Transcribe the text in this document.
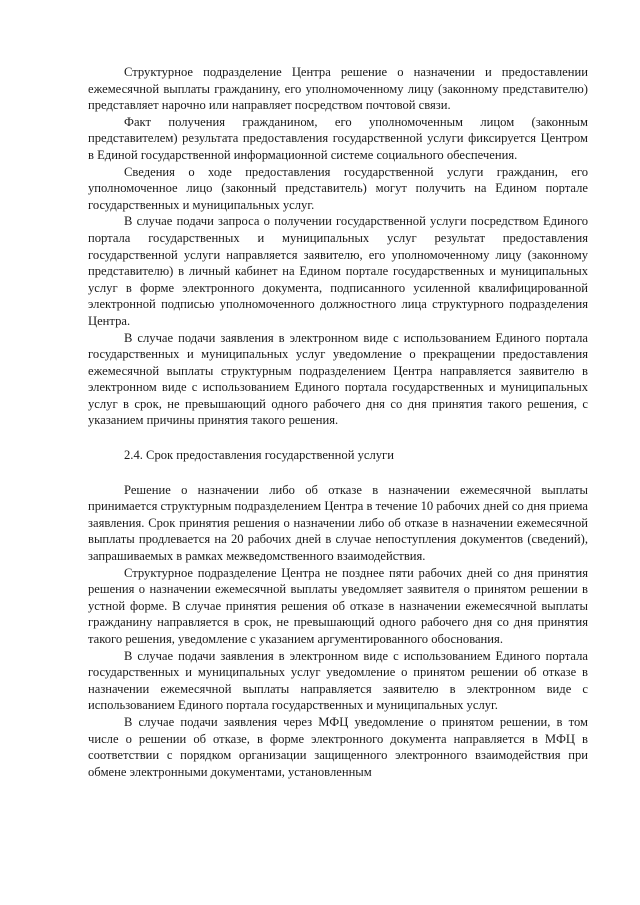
Структурное подразделение Центра решение о назначении и предоставлении ежемесячной выплаты гражданину, его уполномоченному лицу (законному представителю) представляет нарочно или направляет посредством почтовой связи.

Факт получения гражданином, его уполномоченным лицом (законным представителем) результата предоставления государственной услуги фиксируется Центром в Единой государственной информационной системе социального обеспечения.

Сведения о ходе предоставления государственной услуги гражданин, его уполномоченное лицо (законный представитель) могут получить на Едином портале государственных и муниципальных услуг.

В случае подачи запроса о получении государственной услуги посредством Единого портала государственных и муниципальных услуг результат предоставления государственной услуги направляется заявителю, его уполномоченному лицу (законному представителю) в личный кабинет на Едином портале государственных и муниципальных услуг в форме электронного документа, подписанного усиленной квалифицированной электронной подписью уполномоченного должностного лица структурного подразделения Центра.

В случае подачи заявления в электронном виде с использованием Единого портала государственных и муниципальных услуг уведомление о прекращении предоставления ежемесячной выплаты структурным подразделением Центра направляется заявителю в электронном виде с использованием Единого портала государственных и муниципальных услуг в срок, не превышающий одного рабочего дня со дня принятия такого решения, с указанием причины принятия такого решения.

2.4. Срок предоставления государственной услуги

Решение о назначении либо об отказе в назначении ежемесячной выплаты принимается структурным подразделением Центра в течение 10 рабочих дней со дня приема заявления. Срок принятия решения о назначении либо об отказе в назначении ежемесячной выплаты продлевается на 20 рабочих дней в случае непоступления документов (сведений), запрашиваемых в рамках межведомственного взаимодействия.

Структурное подразделение Центра не позднее пяти рабочих дней со дня принятия решения о назначении ежемесячной выплаты уведомляет заявителя о принятом решении в устной форме. В случае принятия решения об отказе в назначении ежемесячной выплаты гражданину направляется в срок, не превышающий одного рабочего дня со дня принятия такого решения, уведомление с указанием аргументированного обоснования.

В случае подачи заявления в электронном виде с использованием Единого портала государственных и муниципальных услуг уведомление о принятом решении об отказе в назначении ежемесячной выплаты направляется заявителю в электронном виде с использованием Единого портала государственных и муниципальных услуг.

В случае подачи заявления через МФЦ уведомление о принятом решении, в том числе о решении об отказе, в форме электронного документа направляется в МФЦ в соответствии с порядком организации защищенного электронного взаимодействия при обмене электронными документами, установленным
